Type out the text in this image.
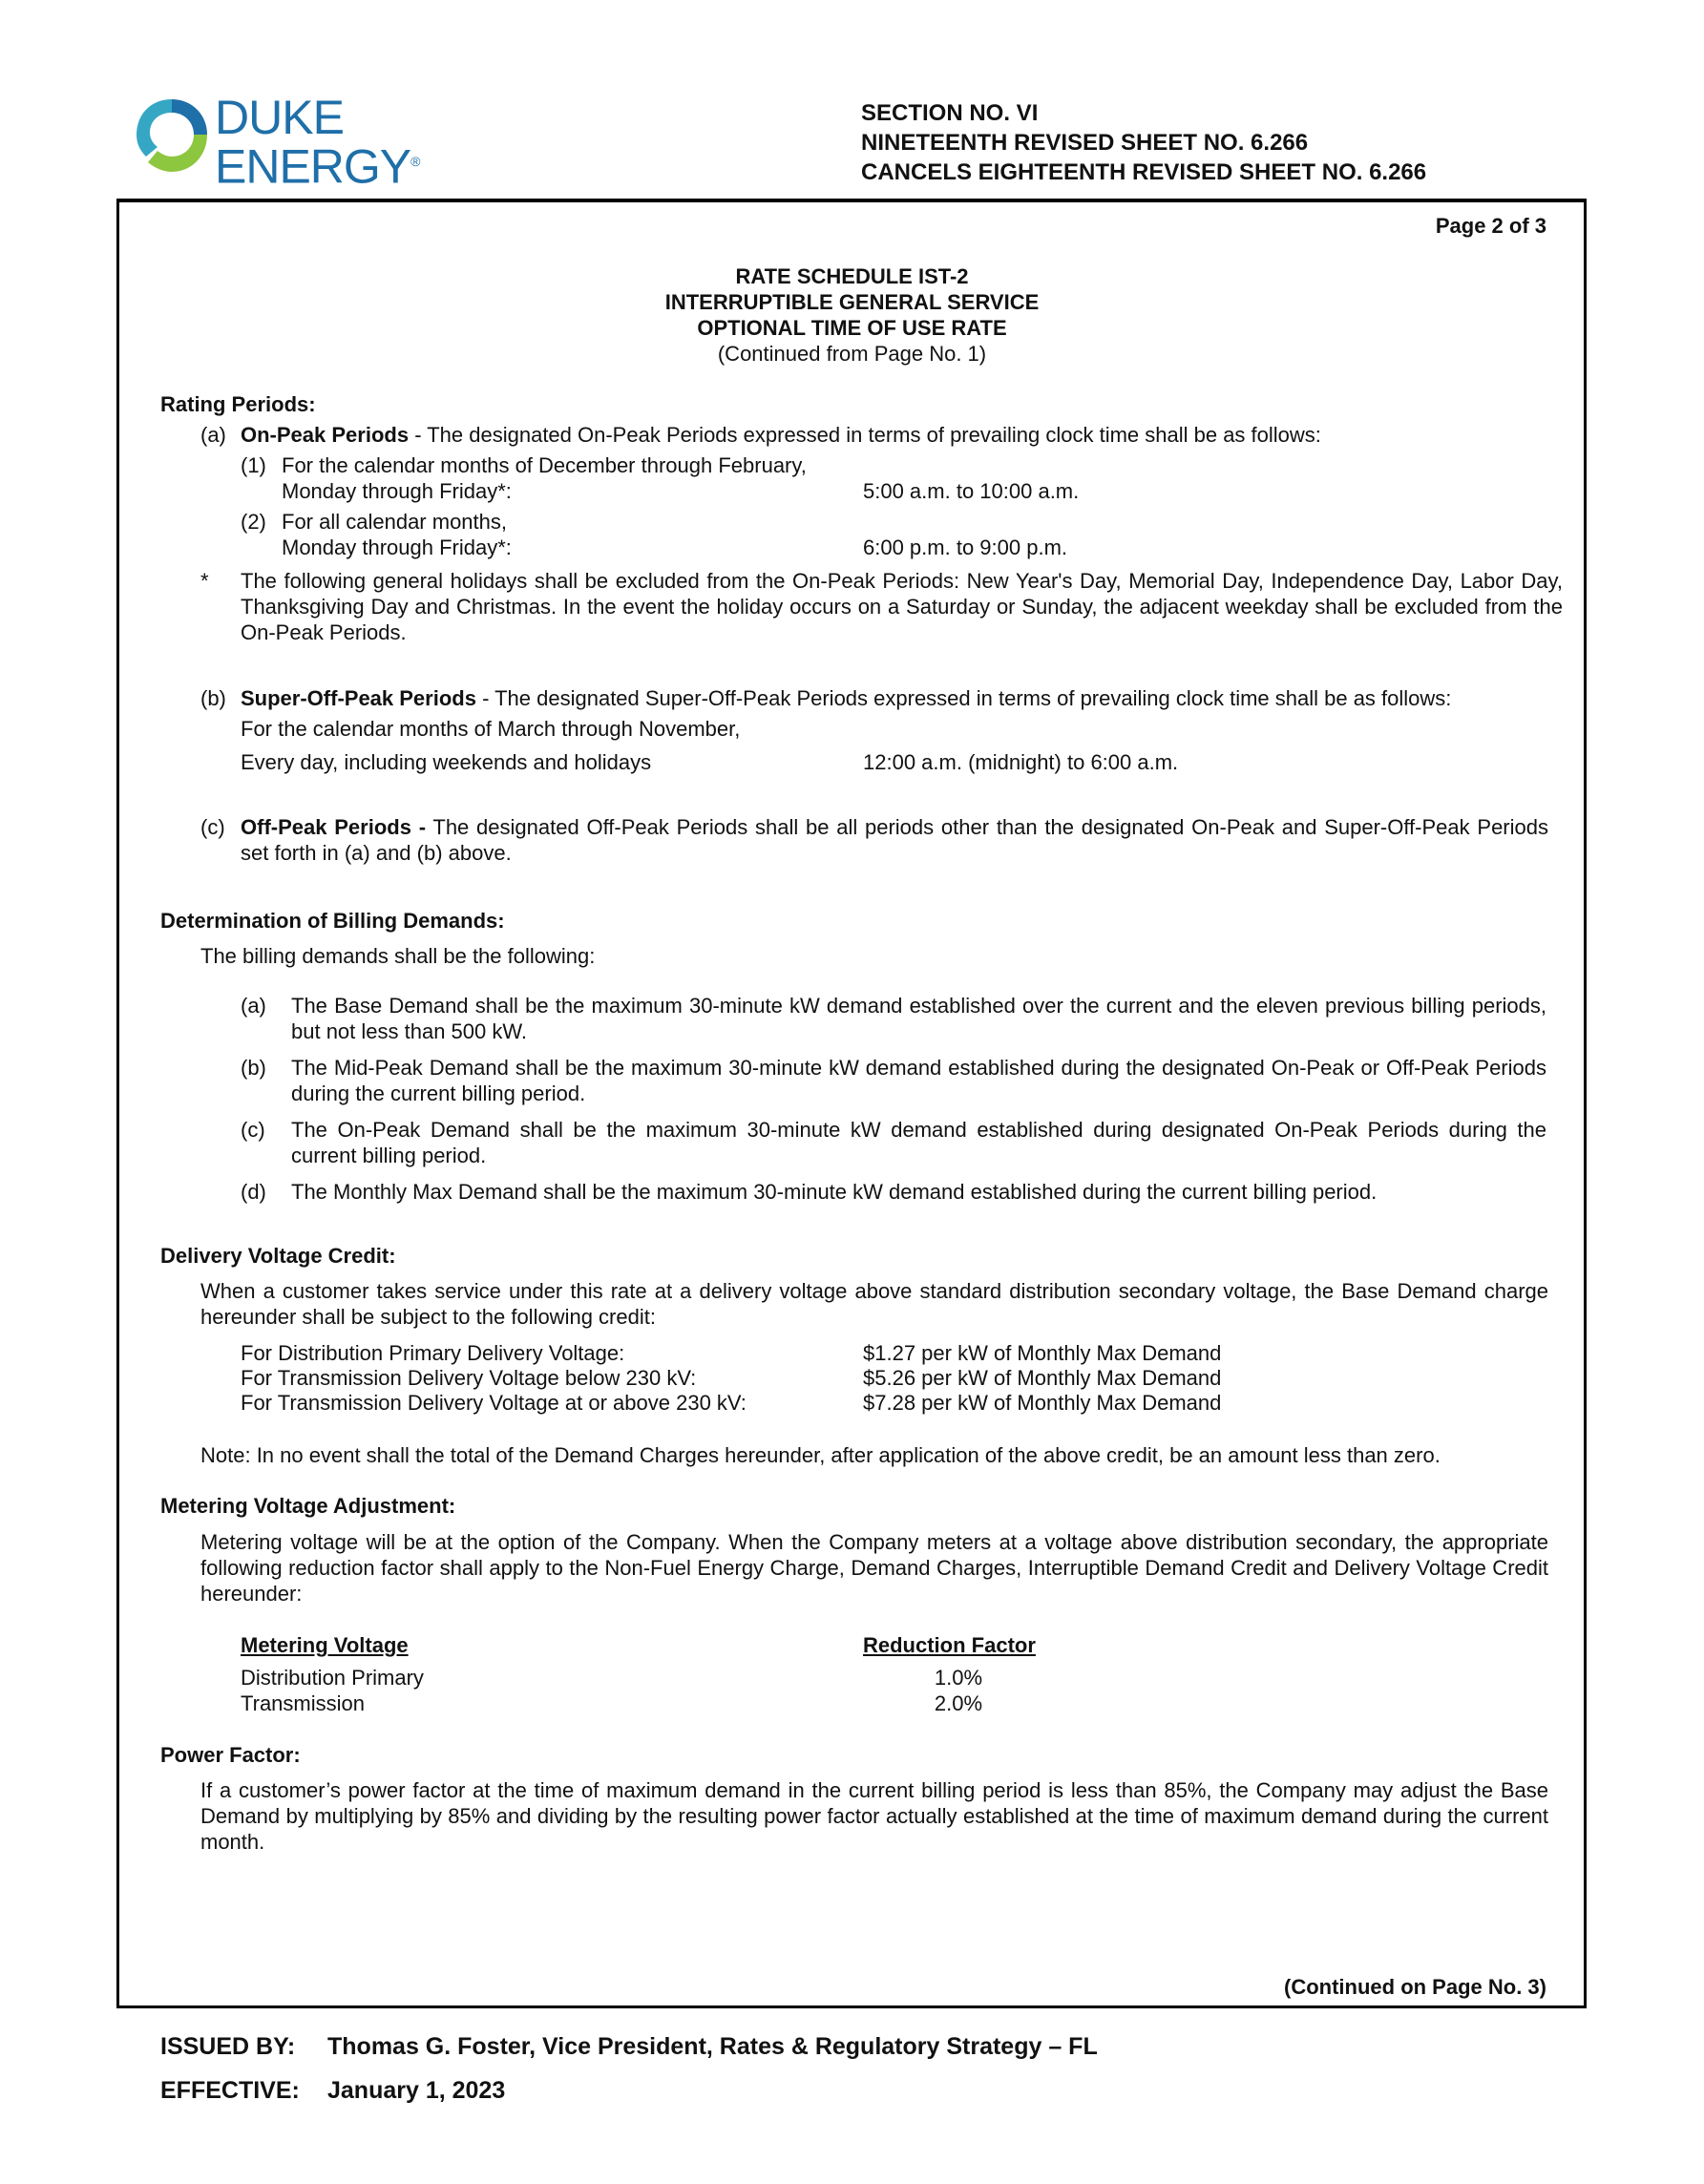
DUKE
ENERGY®
SECTION NO. VI
NINETEENTH REVISED SHEET NO. 6.266
CANCELS EIGHTEENTH REVISED SHEET NO. 6.266
Page 2 of 3
RATE SCHEDULE IST-2
INTERRUPTIBLE GENERAL SERVICE
OPTIONAL TIME OF USE RATE
(Continued from Page No. 1)
Rating Periods:
(a) On-Peak Periods - The designated On-Peak Periods expressed in terms of prevailing clock time shall be as follows:
(1) For the calendar months of December through February,
Monday through Friday*:	5:00 a.m. to 10:00 a.m.
(2) For all calendar months,
Monday through Friday*:	6:00 p.m. to 9:00 p.m.
* The following general holidays shall be excluded from the On-Peak Periods: New Year's Day, Memorial Day, Independence Day, Labor Day, Thanksgiving Day and Christmas. In the event the holiday occurs on a Saturday or Sunday, the adjacent weekday shall be excluded from the On-Peak Periods.
(b) Super-Off-Peak Periods - The designated Super-Off-Peak Periods expressed in terms of prevailing clock time shall be as follows:
For the calendar months of March through November,
Every day, including weekends and holidays	12:00 a.m. (midnight) to 6:00 a.m.
(c) Off-Peak Periods - The designated Off-Peak Periods shall be all periods other than the designated On-Peak and Super-Off-Peak Periods set forth in (a) and (b) above.
Determination of Billing Demands:
The billing demands shall be the following:
(a) The Base Demand shall be the maximum 30-minute kW demand established over the current and the eleven previous billing periods, but not less than 500 kW.
(b) The Mid-Peak Demand shall be the maximum 30-minute kW demand established during the designated On-Peak or Off-Peak Periods during the current billing period.
(c) The On-Peak Demand shall be the maximum 30-minute kW demand established during designated On-Peak Periods during the current billing period.
(d) The Monthly Max Demand shall be the maximum 30-minute kW demand established during the current billing period.
Delivery Voltage Credit:
When a customer takes service under this rate at a delivery voltage above standard distribution secondary voltage, the Base Demand charge hereunder shall be subject to the following credit:
For Distribution Primary Delivery Voltage:	$1.27 per kW of Monthly Max Demand
For Transmission Delivery Voltage below 230 kV:	$5.26 per kW of Monthly Max Demand
For Transmission Delivery Voltage at or above 230 kV:	$7.28 per kW of Monthly Max Demand
Note: In no event shall the total of the Demand Charges hereunder, after application of the above credit, be an amount less than zero.
Metering Voltage Adjustment:
Metering voltage will be at the option of the Company. When the Company meters at a voltage above distribution secondary, the appropriate following reduction factor shall apply to the Non-Fuel Energy Charge, Demand Charges, Interruptible Demand Credit and Delivery Voltage Credit hereunder:
Metering Voltage	Reduction Factor
Distribution Primary	1.0%
Transmission	2.0%
Power Factor:
If a customer’s power factor at the time of maximum demand in the current billing period is less than 85%, the Company may adjust the Base Demand by multiplying by 85% and dividing by the resulting power factor actually established at the time of maximum demand during the current month.
(Continued on Page No. 3)
ISSUED BY: Thomas G. Foster, Vice President, Rates & Regulatory Strategy – FL
EFFECTIVE: January 1, 2023
